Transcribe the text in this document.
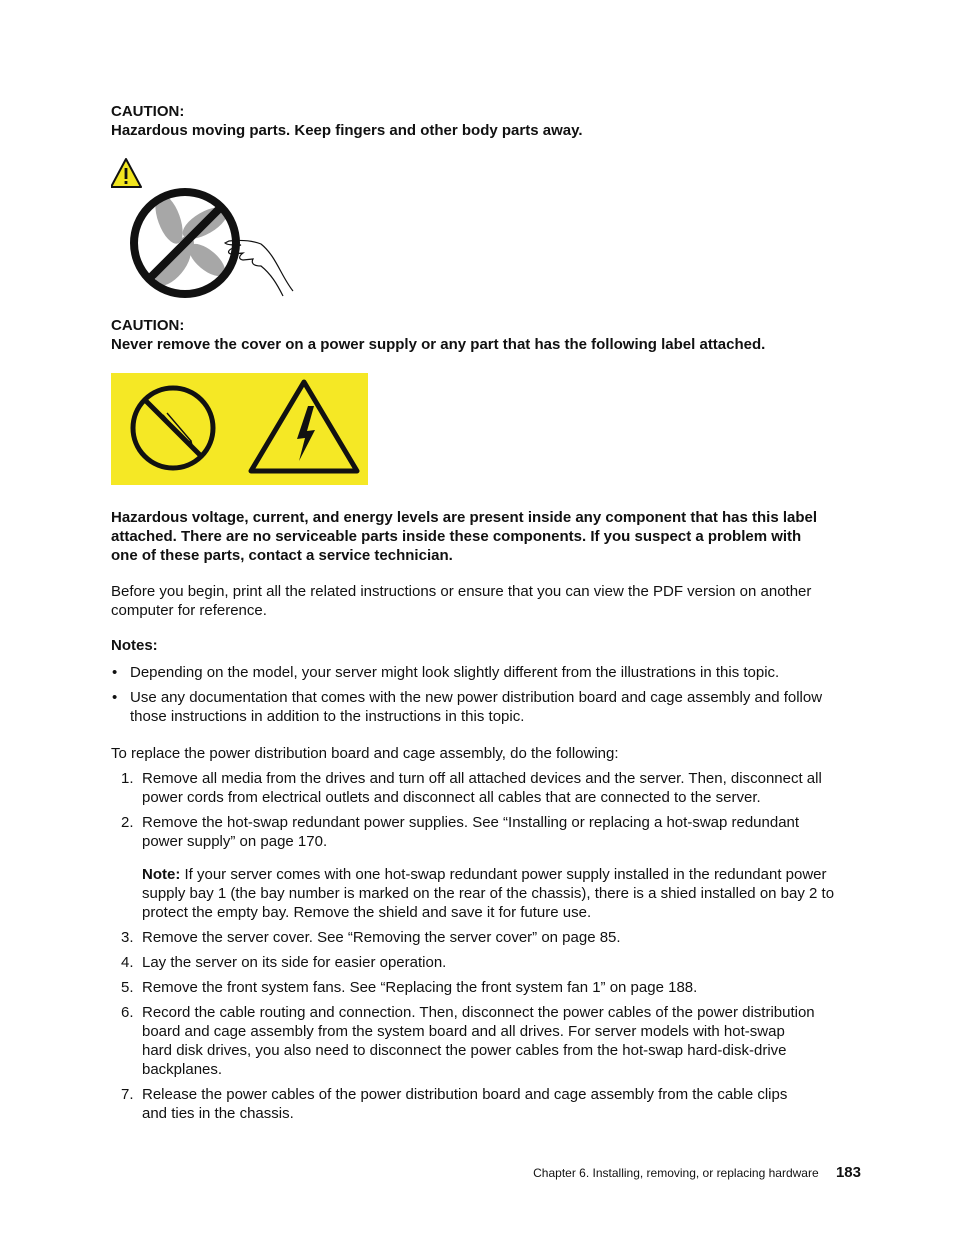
CAUTION:

Hazardous moving parts. Keep fingers and other body parts away.

CAUTION:

Never remove the cover on a power supply or any part that has the following label attached.

Hazardous voltage, current, and energy levels are present inside any component that has this label

attached. There are no serviceable parts inside these components. If you suspect a problem with

one of these parts, contact a service technician.

Before you begin, print all the related instructions or ensure that you can view the PDF version on another

computer for reference.

Notes:

• Depending on the model, your server might look slightly different from the illustrations in this topic.
• Use any documentation that comes with the new power distribution board and cage assembly and follow
those instructions in addition to the instructions in this topic.

To replace the power distribution board and cage assembly, do the following:

1. Remove all media from the drives and turn off all attached devices and the server. Then, disconnect all
power cords from electrical outlets and disconnect all cables that are connected to the server.
2. Remove the hot-swap redundant power supplies. See “Installing or replacing a hot-swap redundant
power supply” on page 170.
Note: If your server comes with one hot-swap redundant power supply installed in the redundant power
supply bay 1 (the bay number is marked on the rear of the chassis), there is a shied installed on bay 2 to
protect the empty bay. Remove the shield and save it for future use.
3. Remove the server cover. See “Removing the server cover” on page 85.
4. Lay the server on its side for easier operation.
5. Remove the front system fans. See “Replacing the front system fan 1” on page 188.
6. Record the cable routing and connection. Then, disconnect the power cables of the power distribution
board and cage assembly from the system board and all drives. For server models with hot-swap
hard disk drives, you also need to disconnect the power cables from the hot-swap hard-disk-drive
backplanes.
7. Release the power cables of the power distribution board and cage assembly from the cable clips
and ties in the chassis.
Chapter 6. Installing, removing, or replacing hardware 183
